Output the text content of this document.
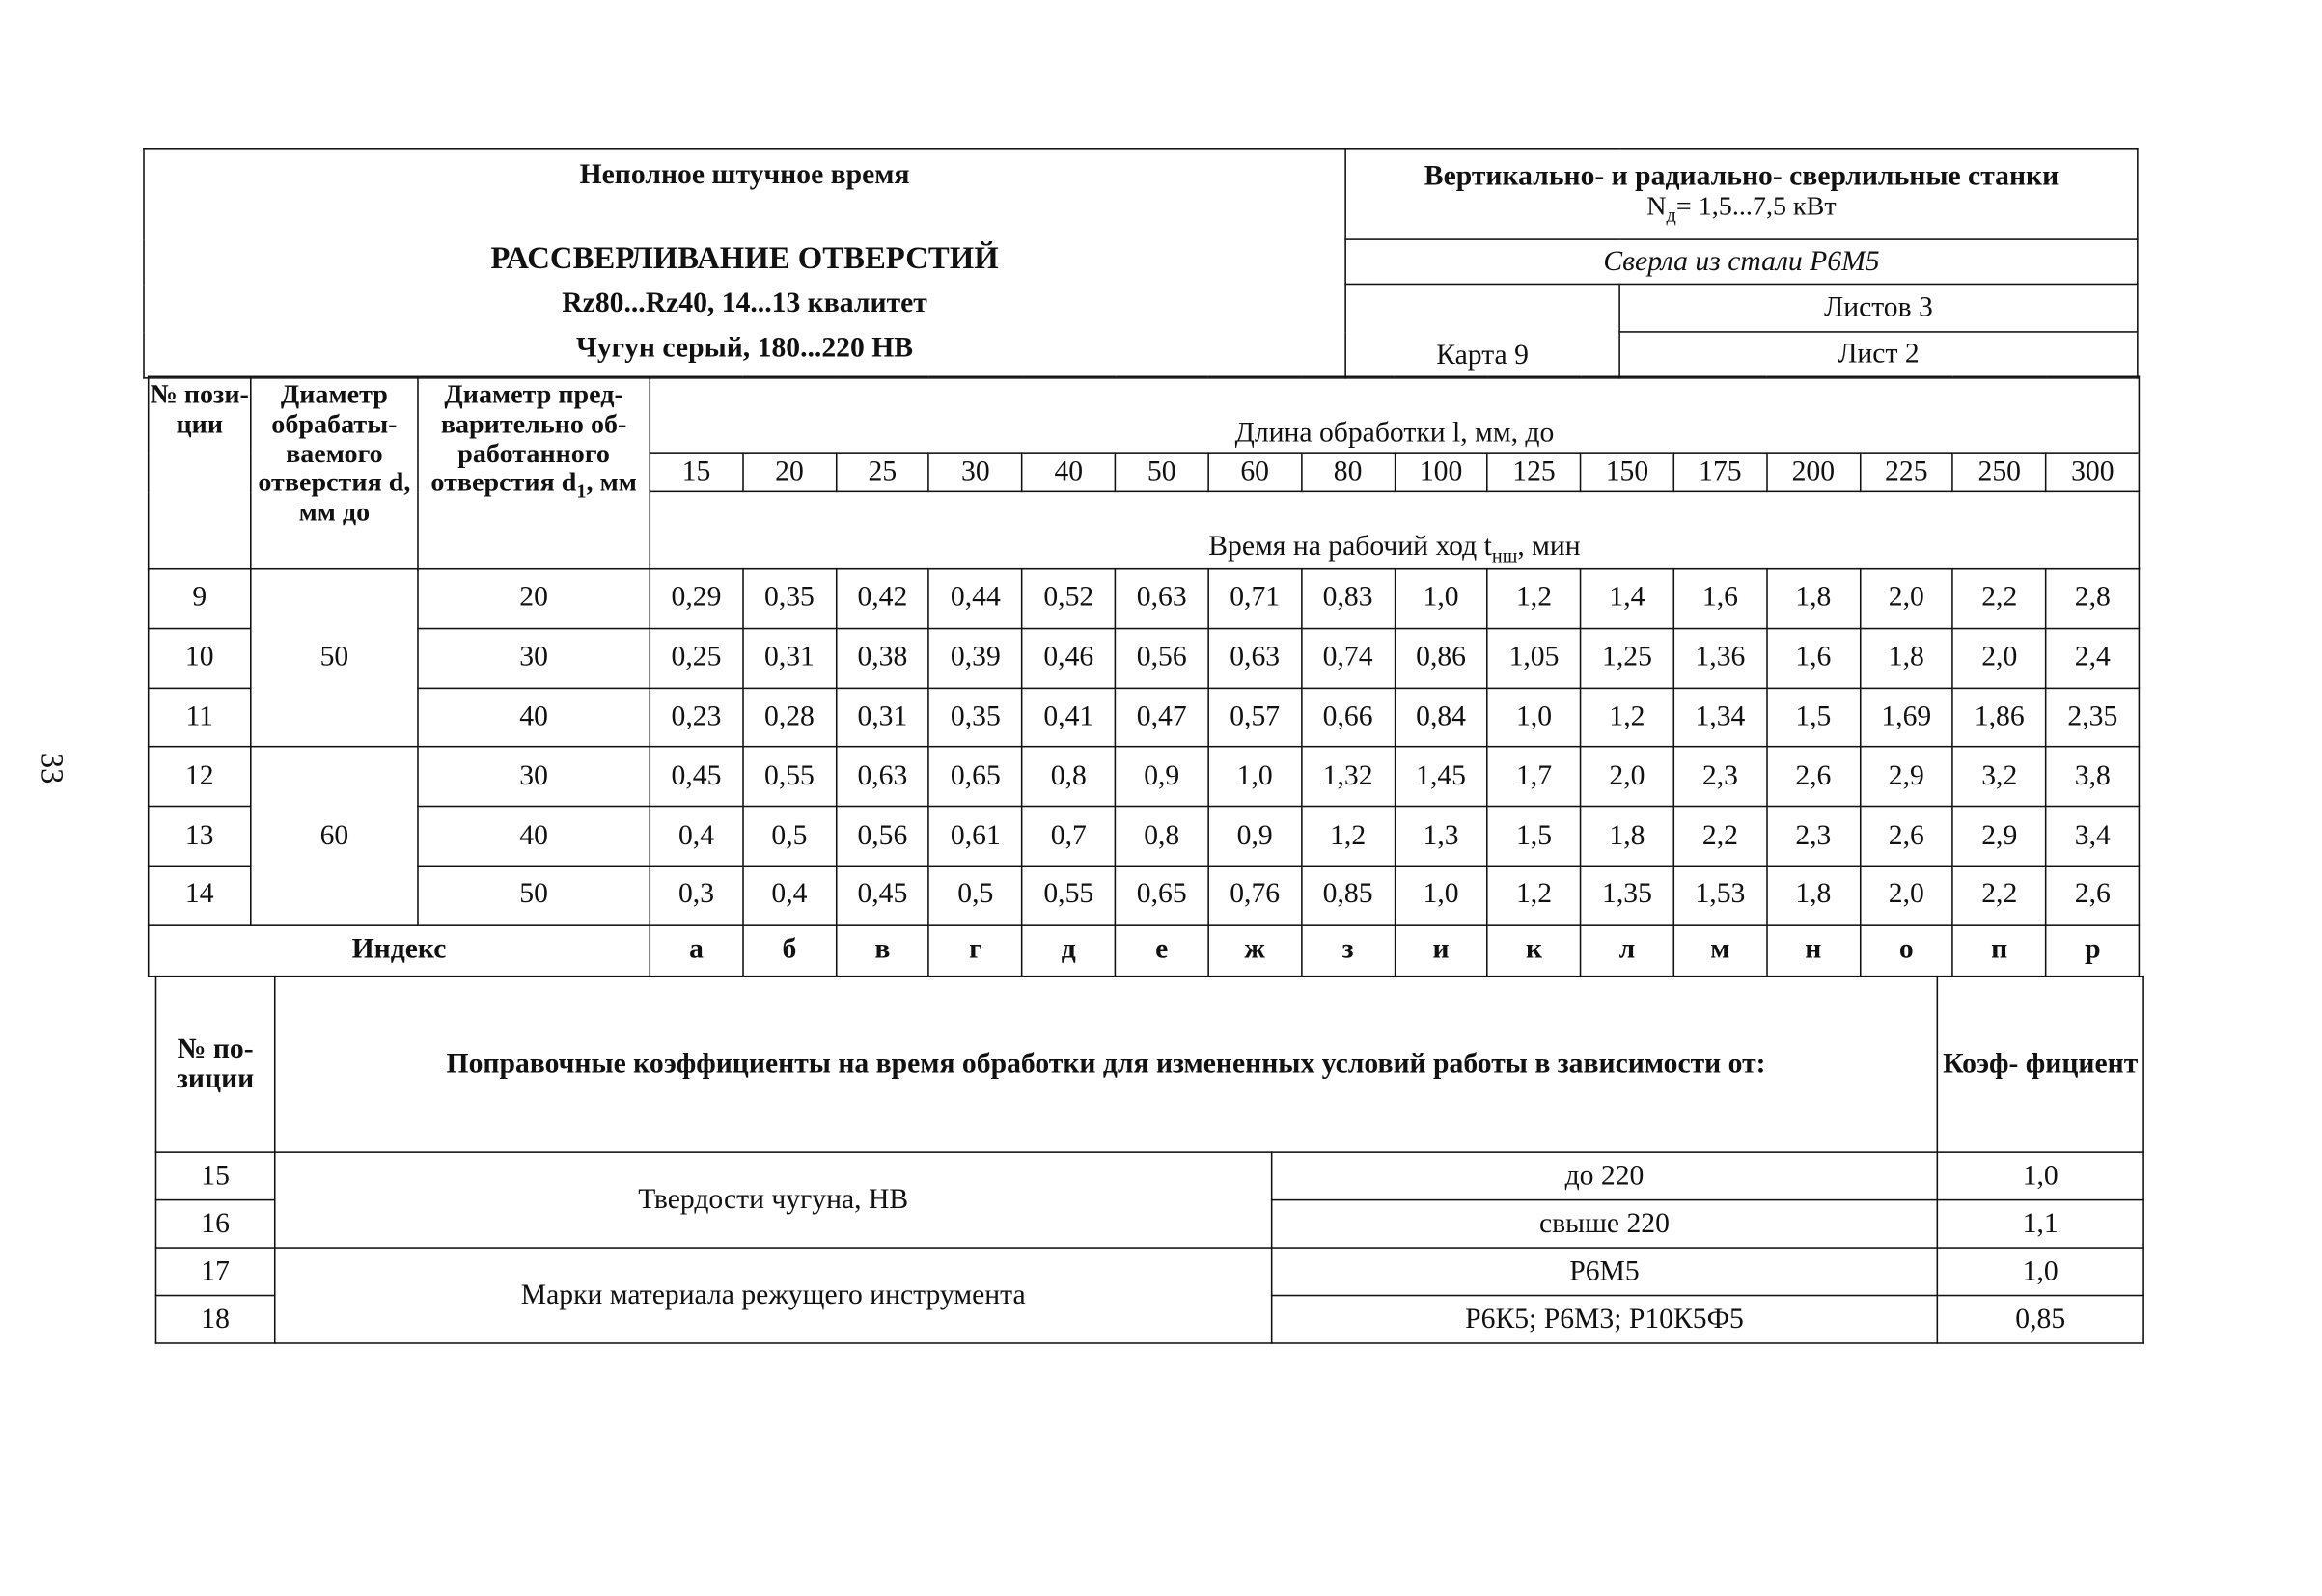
33
Неполное штучное время
РАССВЕРЛИВАНИЕ ОТВЕРСТИЙ
Rz80...Rz40, 14...13 квалитет
Чугун серый, 180...220 НВ	Вертикально- и радиально- сверлильные станки
$N_д= 1,5...7,5$ кВт	

	Сверла из стали Р6М5	
	Карта 9	Листов 3
		Лист 2
№ пози- ции	Диаметр обрабаты- ваемого отверстия d, мм до	Диаметр пред- варительно об- работанного отверстия $d_1$, мм	Длина обработки l, мм, до															
			15	20	25	30	40	50	60	80	100	125	150	175	200	225	250	300
			Время на рабочий ход $t_{нш}$, мин															

9	50	20	0,29	0,35	0,42	0,44	0,52	0,63	0,71	0,83	1,0	1,2	1,4	1,6	1,8	2,0	2,2	2,8
10		30	0,25	0,31	0,38	0,39	0,46	0,56	0,63	0,74	0,86	1,05	1,25	1,36	1,6	1,8	2,0	2,4
11		40	0,23	0,28	0,31	0,35	0,41	0,47	0,57	0,66	0,84	1,0	1,2	1,34	1,5	1,69	1,86	2,35
12	60	30	0,45	0,55	0,63	0,65	0,8	0,9	1,0	1,32	1,45	1,7	2,0	2,3	2,6	2,9	3,2	3,8
13		40	0,4	0,5	0,56	0,61	0,7	0,8	0,9	1,2	1,3	1,5	1,8	2,2	2,3	2,6	2,9	3,4
14		50	0,3	0,4	0,45	0,5	0,55	0,65	0,76	0,85	1,0	1,2	1,35	1,53	1,8	2,0	2,2	2,6
Индекс			а	б	в	г	д	е	ж	з	и	к	л	м	н	о	п	р
№ по- зиции	Поправочные коэффициенты на время обработки для измененных условий работы в зависимости от:		Коэф- фициент
15	Твердости чугуна, НВ	до 220	1,0
16		свыше 220	1,1
17	Марки материала режущего инструмента	Р6М5	1,0
18		Р6К5; Р6М3; Р10К5Ф5	0,85
